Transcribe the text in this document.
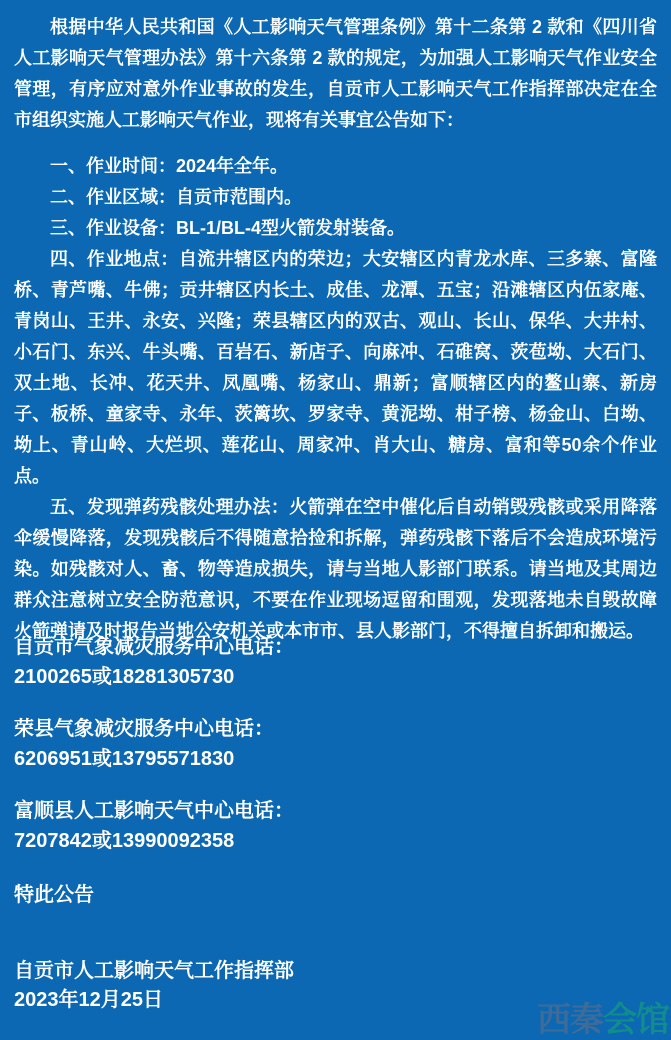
根据中华人民共和国《人工影响天气管理条例》第十二条第 2 款和《四川省人工影响天气管理办法》第十六条第 2 款的规定，为加强人工影响天气作业安全管理，有序应对意外作业事故的发生，自贡市人工影响天气工作指挥部决定在全市组织实施人工影响天气作业，现将有关事宜公告如下：

一、作业时间：2024年全年。

二、作业区域：自贡市范围内。

三、作业设备：BL-1/BL-4型火箭发射装备。

四、作业地点：自流井辖区内的荣边；大安辖区内青龙水库、三多寨、富隆桥、青芦嘴、牛佛；贡井辖区内长土、成佳、龙潭、五宝；沿滩辖区内伍家庵、青岗山、王井、永安、兴隆；荣县辖区内的双古、观山、长山、保华、大井村、小石门、东兴、牛头嘴、百岩石、新店子、向麻冲、石碓窝、茨苞坳、大石门、双土地、长冲、花天井、凤凰嘴、杨家山、鼎新；富顺辖区内的鳌山寨、新房子、板桥、童家寺、永年、茨篱坎、罗家寺、黄泥坳、柑子榜、杨金山、白坳、坳上、青山岭、大烂坝、莲花山、周家冲、肖大山、糖房、富和等50余个作业点。

五、发现弹药残骸处理办法：火箭弹在空中催化后自动销毁残骸或采用降落伞缓慢降落，发现残骸后不得随意拾捡和拆解，弹药残骸下落后不会造成环境污染。如残骸对人、畜、物等造成损失，请与当地人影部门联系。请当地及其周边群众注意树立安全防范意识，不要在作业现场逗留和围观，发现落地未自毁故障火箭弹请及时报告当地公安机关或本市市、县人影部门，不得擅自拆卸和搬运。

自贡市气象减灾服务中心电话：
2100265或18281305730
荣县气象减灾服务中心电话：
6206951或13795571830
富顺县人工影响天气中心电话：
7207842或13990092358
特此公告
自贡市人工影响天气工作指挥部
2023年12月25日
西秦会馆
